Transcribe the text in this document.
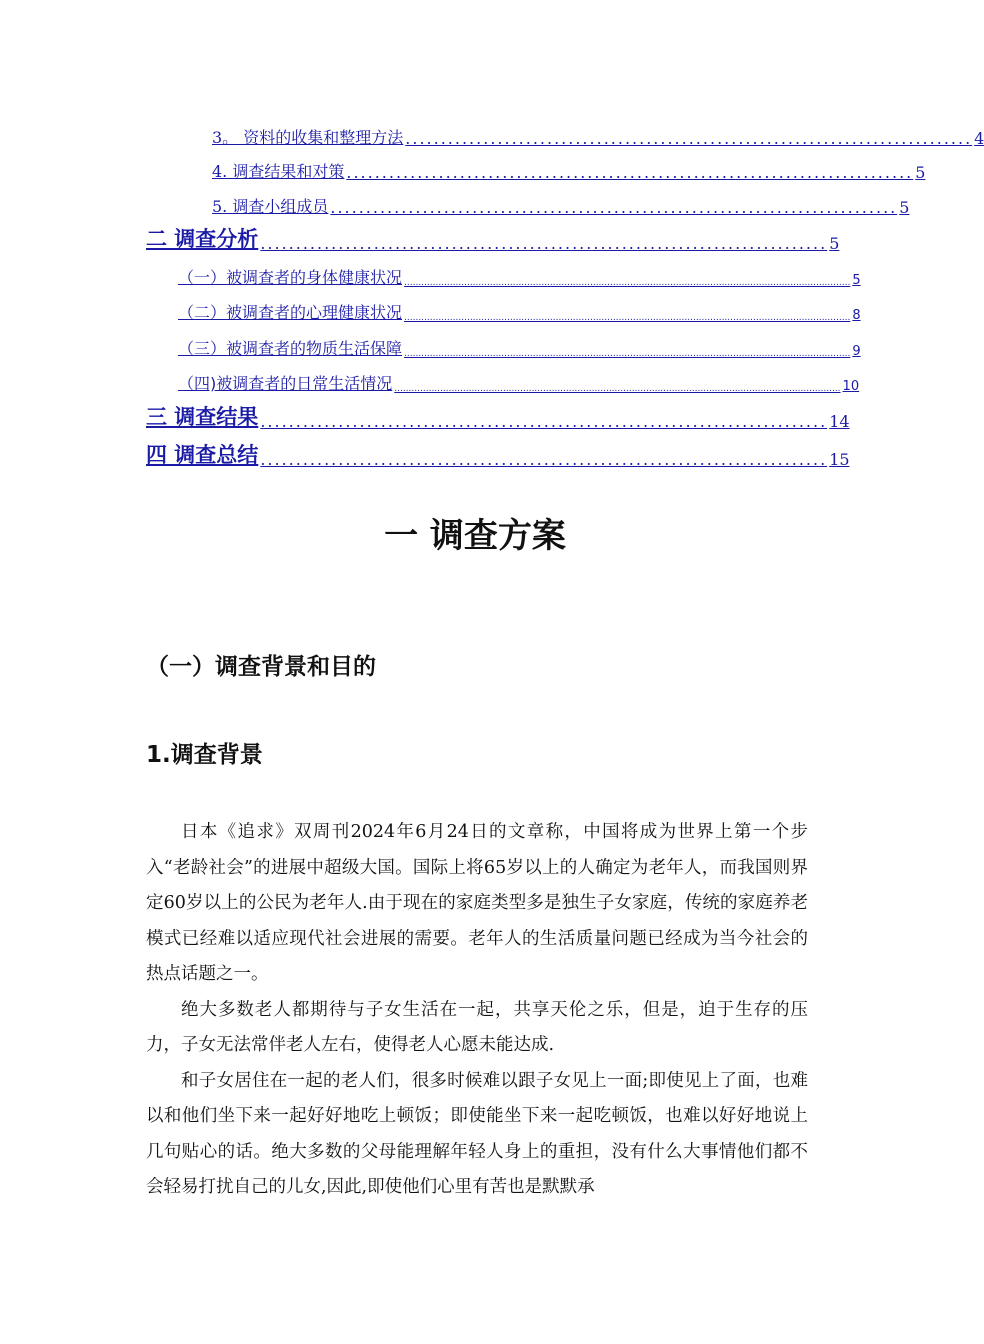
3。 资料的收集和整理方法 ................................................................................ 4
4. 调查结果和对策 ................................................................................ 5
5. 调查小组成员 ................................................................................ 5
二 调查分析 ................................................................................ 5
（一）被调查者的身体健康状况 ............................................................................................................................................................ 5
（二）被调查者的心理健康状况 ............................................................................................................................................................ 8
（三）被调查者的物质生活保障 ............................................................................................................................................................ 9
（四)被调查者的日常生活情况 ............................................................................................................................................................ 10
三 调查结果 ................................................................................ 14
四 调查总结 ................................................................................ 15
一 调查方案
（一）调查背景和目的
1.调查背景

日本《追求》双周刊2024年6月24日的文章称，中国将成为世界上第一个步入“老龄社会”的进展中超级大国。国际上将65岁以上的人确定为老年人，而我国则界定60岁以上的公民为老年人.由于现在的家庭类型多是独生子女家庭，传统的家庭养老模式已经难以适应现代社会进展的需要。老年人的生活质量问题已经成为当今社会的热点话题之一。

绝大多数老人都期待与子女生活在一起，共享天伦之乐，但是，迫于生存的压力，子女无法常伴老人左右，使得老人心愿未能达成.

和子女居住在一起的老人们，很多时候难以跟子女见上一面;即使见上了面，也难以和他们坐下来一起好好地吃上顿饭；即使能坐下来一起吃顿饭，也难以好好地说上几句贴心的话。绝大多数的父母能理解年轻人身上的重担，没有什么大事情他们都不会轻易打扰自己的儿女,因此,即使他们心里有苦也是默默承
